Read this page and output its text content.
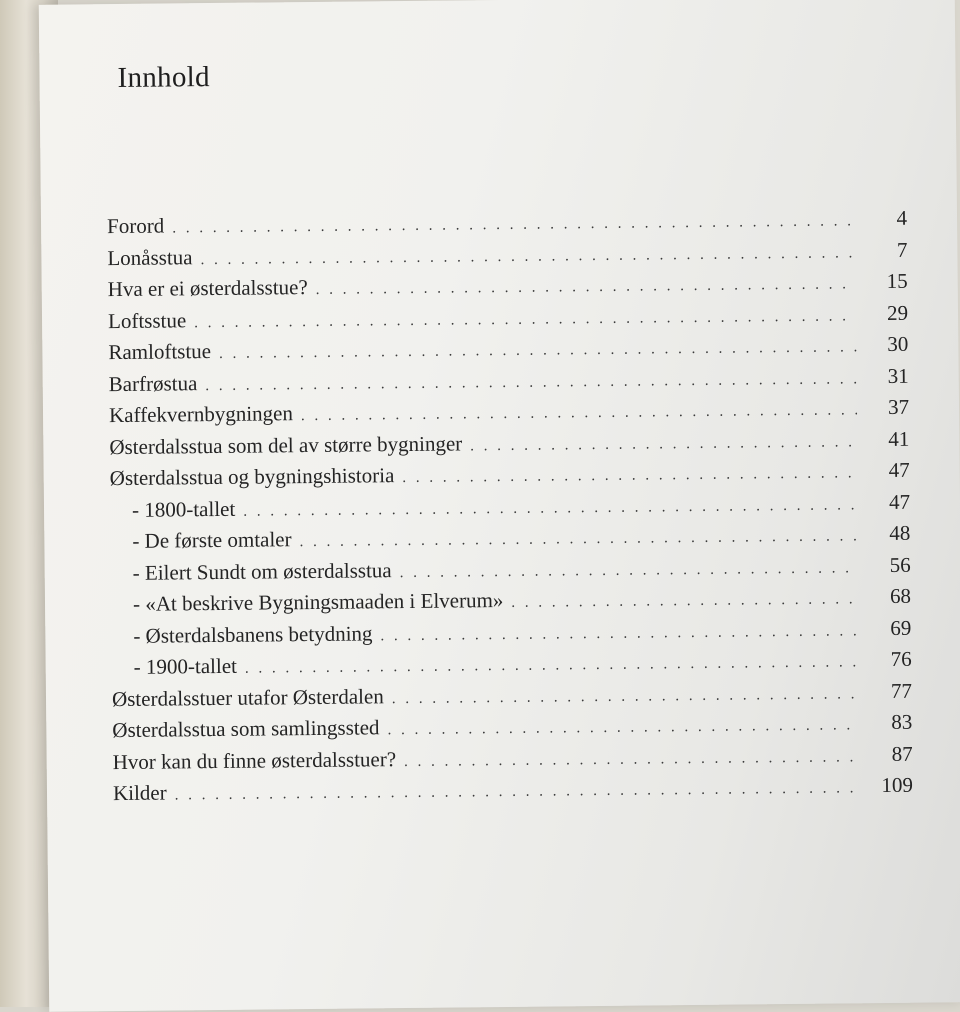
Innhold
Forord . . .	4
Lonåsstua . . .	7
Hva er ei østerdalsstue? . . .	15
Loftsstue . . .	29
Ramloftstue . . .	30
Barfrøstua . . .	31
Kaffekvernbygningen . . .	37
Østerdalsstua som del av større bygninger . . .	41
Østerdalsstua og bygningshistoria . . .	47
- 1800-tallet . . .	47
- De første omtaler . . .	48
- Eilert Sundt om østerdalsstua . . .	56
- «At beskrive Bygningsmaaden i Elverum» . . .	68
- Østerdalsbanens betydning . . .	69
- 1900-tallet . . .	76
Østerdalsstuer utafor Østerdalen . . .	77
Østerdalsstua som samlingssted . . .	83
Hvor kan du finne østerdalsstuer? . . .	87
Kilder . . .	109
